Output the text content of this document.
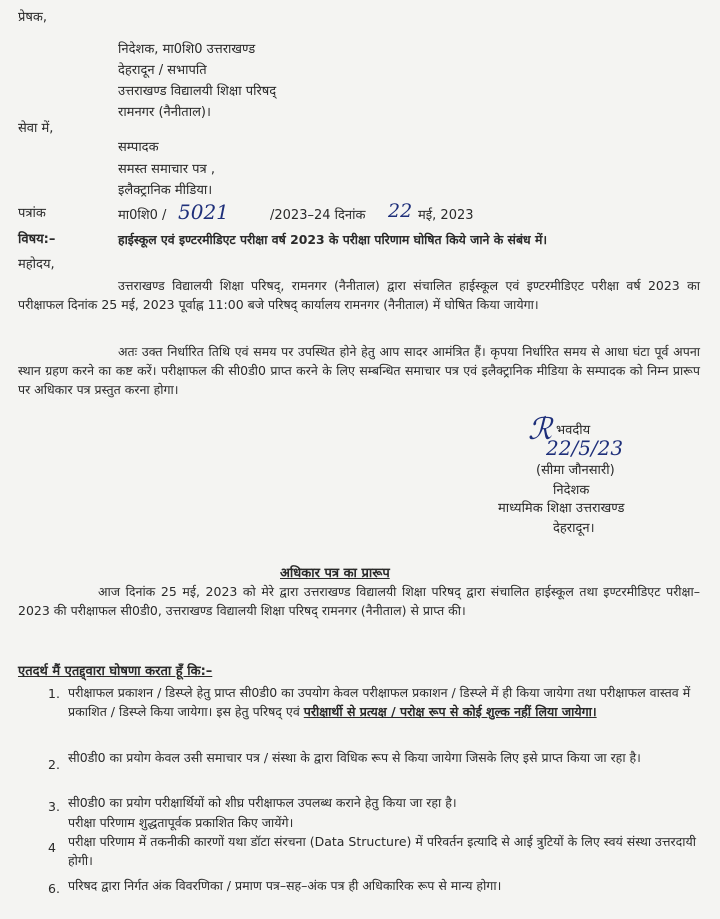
प्रेषक,
निदेशक, मा0शि0 उत्तराखण्ड
देहरादून / सभापति
उत्तराखण्ड विद्यालयी शिक्षा परिषद्
रामनगर (नैनीताल)।
सेवा में,
सम्पादक
समस्त समाचार पत्र ,
इलैक्ट्रानिक मीडिया।
पत्रांक	मा0शि0 / 5021	/2023–24 दिनांक 22 मई, 2023
विषय:–	हाईस्कूल एवं इण्टरमीडिएट परीक्षा वर्ष 2023 के परीक्षा परिणाम घोषित किये जाने के संबंध में।
महोदय,
उत्तराखण्ड विद्यालयी शिक्षा परिषद्, रामनगर (नैनीताल) द्वारा संचालित हाईस्कूल एवं इण्टरमीडिएट परीक्षा वर्ष 2023 का परीक्षाफल दिनांक 25 मई, 2023 पूर्वाह्न 11:00 बजे परिषद् कार्यालय रामनगर (नैनीताल) में घोषित किया जायेगा।
अतः उक्त निर्धारित तिथि एवं समय पर उपस्थित होने हेतु आप सादर आमंत्रित हैं। कृपया निर्धारित समय से आधा घंटा पूर्व अपना स्थान ग्रहण करने का कष्ट करें। परीक्षाफल की सी0डी0 प्राप्त करने के लिए सम्बन्धित समाचार पत्र एवं इलैक्ट्रानिक मीडिया के सम्पादक को निम्न प्रारूप पर अधिकार पत्र प्रस्तुत करना होगा।
ℛ भवदीय
22/5/23
(सीमा जौनसारी)
निदेशक
माध्यमिक शिक्षा उत्तराखण्ड
देहरादून।
अधिकार पत्र का प्रारूप
आज दिनांक 25 मई, 2023 को मेरे द्वारा उत्तराखण्ड विद्यालयी शिक्षा परिषद् द्वारा संचालित हाईस्कूल तथा इण्टरमीडिएट परीक्षा–2023 की परीक्षाफल सी0डी0, उत्तराखण्ड विद्यालयी शिक्षा परिषद् रामनगर (नैनीताल) से प्राप्त की।
एतदर्थ मैं एतद्द्वारा घोषणा करता हूँ कि:–
1. परीक्षाफल प्रकाशन / डिस्प्ले हेतु प्राप्त सी0डी0 का उपयोग केवल परीक्षाफल प्रकाशन / डिस्प्ले में ही किया जायेगा तथा परीक्षाफल वास्तव में प्रकाशित / डिस्प्ले किया जायेगा। इस हेतु परिषद् एवं परीक्षार्थी से प्रत्यक्ष / परोक्ष रूप से कोई शुल्क नहीं लिया जायेगा।
2. सी0डी0 का प्रयोग केवल उसी समाचार पत्र / संस्था के द्वारा विधिक रूप से किया जायेगा जिसके लिए इसे प्राप्त किया जा रहा है।
3. सी0डी0 का प्रयोग परीक्षार्थियों को शीघ्र परीक्षाफल उपलब्ध कराने हेतु किया जा रहा है।
परीक्षा परिणाम शुद्धतापूर्वक प्रकाशित किए जायेंगे।
4 परीक्षा परिणाम में तकनीकी कारणों यथा डॉटा संरचना (Data Structure) में परिवर्तन इत्यादि से आई त्रुटियों के लिए स्वयं संस्था उत्तरदायी होगी।
6. परिषद द्वारा निर्गत अंक विवरणिका / प्रमाण पत्र–सह–अंक पत्र ही अधिकारिक रूप से मान्य होगा।
